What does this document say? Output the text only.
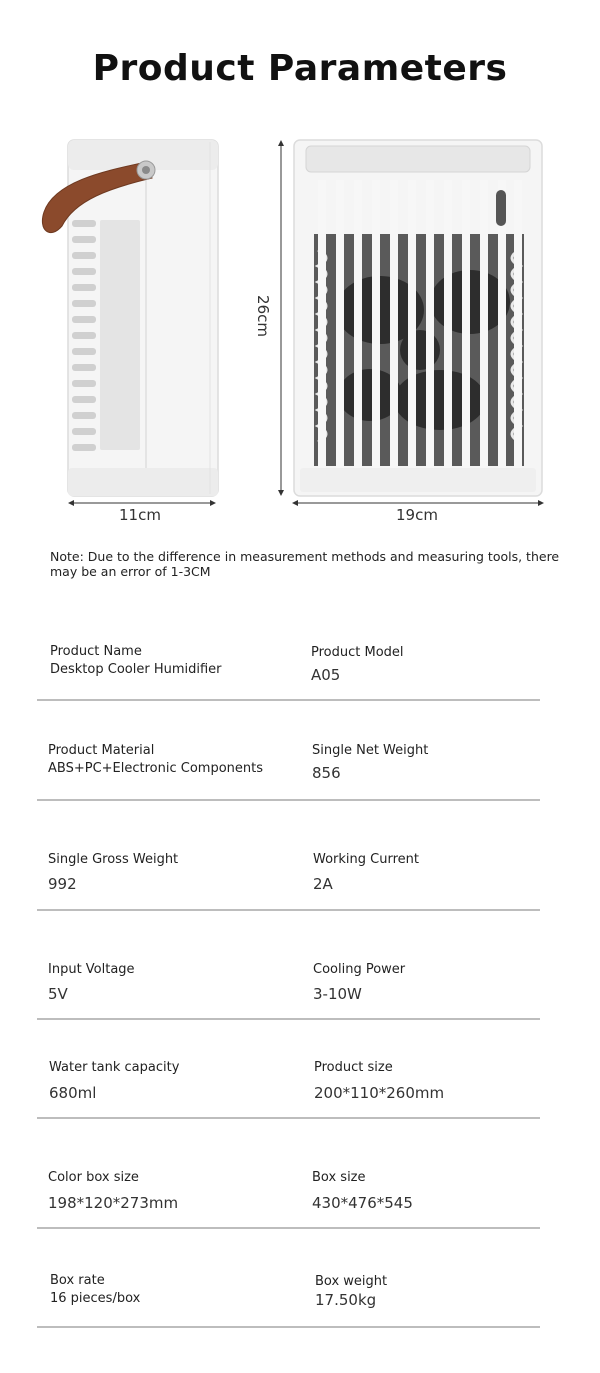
Product Parameters
11cm	19cm
26cm
Note: Due to the difference in measurement methods and measuring tools, there may be an error of 1-3CM
Product Name
Desktop Cooler Humidifier
Product Model
A05
Product Material
ABS+PC+Electronic Components
Single Net Weight
856
Single Gross Weight
992
Working Current
2A
Input Voltage
5V
Cooling Power
3-10W
Water tank capacity
680ml
Product size
200*110*260mm
Color box size
198*120*273mm
Box size
430*476*545
Box rate
16 pieces/box
Box weight
17.50kg
